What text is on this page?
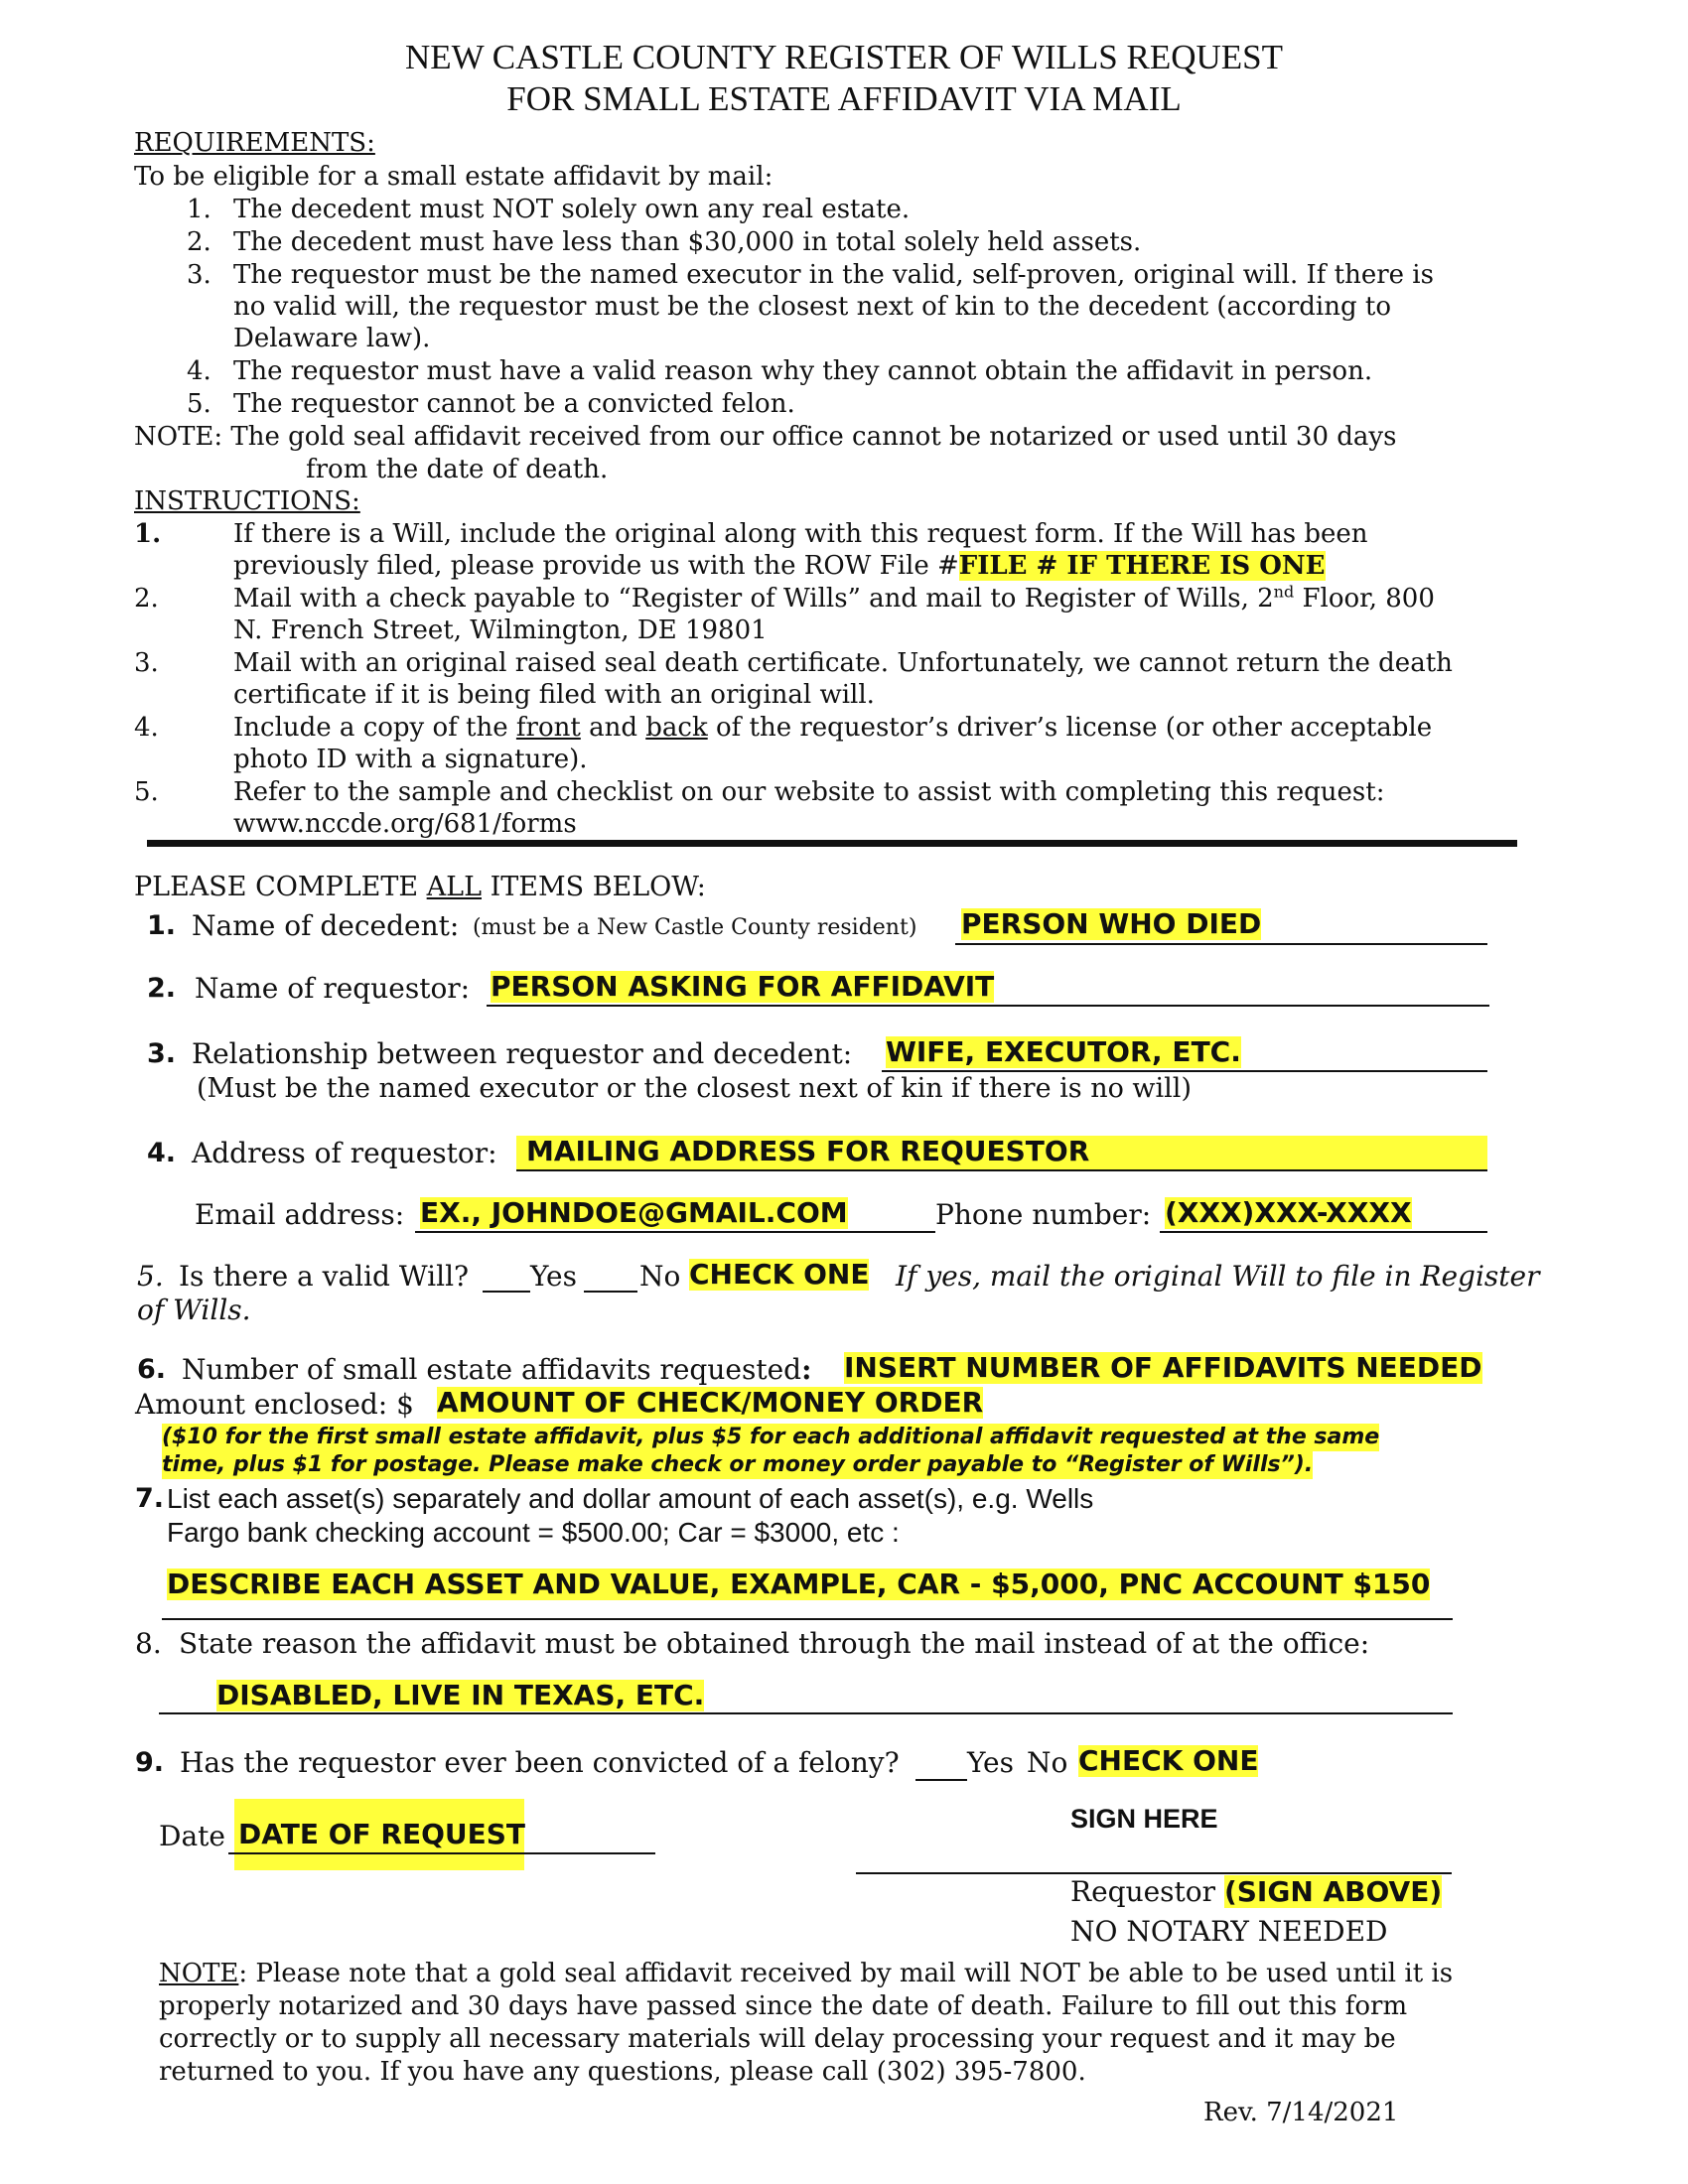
NEW CASTLE COUNTY REGISTER OF WILLS REQUEST
FOR SMALL ESTATE AFFIDAVIT VIA MAIL
REQUIREMENTS:
To be eligible for a small estate affidavit by mail:
1. The decedent must NOT solely own any real estate.
2. The decedent must have less than $30,000 in total solely held assets.
3. The requestor must be the named executor in the valid, self-proven, original will. If there is
no valid will, the requestor must be the closest next of kin to the decedent (according to
Delaware law).
4. The requestor must have a valid reason why they cannot obtain the affidavit in person.
5. The requestor cannot be a convicted felon.
NOTE: The gold seal affidavit received from our office cannot be notarized or used until 30 days
from the date of death.
INSTRUCTIONS:
1.	If there is a Will, include the original along with this request form. If the Will has been
previously filed, please provide us with the ROW File #FILE # IF THERE IS ONE
2.	Mail with a check payable to “Register of Wills” and mail to Register of Wills, 2nd Floor, 800
N. French Street, Wilmington, DE 19801
3.	Mail with an original raised seal death certificate. Unfortunately, we cannot return the death
certificate if it is being filed with an original will.
4.	Include a copy of the front and back of the requestor’s driver’s license (or other acceptable
photo ID with a signature).
5.	Refer to the sample and checklist on our website to assist with completing this request:
www.nccde.org/681/forms
PLEASE COMPLETE ALL ITEMS BELOW:
1. Name of decedent: (must be a New Castle County resident) PERSON WHO DIED
2. Name of requestor: PERSON ASKING FOR AFFIDAVIT
3. Relationship between requestor and decedent: WIFE, EXECUTOR, ETC.
(Must be the named executor or the closest next of kin if there is no will)
4. Address of requestor: MAILING ADDRESS FOR REQUESTOR
Email address: EX., JOHNDOE@GMAIL.COM	Phone number: (XXX)XXX-XXXX
5. Is there a valid Will? Yes No CHECK ONE If yes, mail the original Will to file in Register
of Wills.
6. Number of small estate affidavits requested: INSERT NUMBER OF AFFIDAVITS NEEDED
Amount enclosed: $ AMOUNT OF CHECK/MONEY ORDER
($10 for the first small estate affidavit, plus $5 for each additional affidavit requested at the same
time, plus $1 for postage. Please make check or money order payable to “Register of Wills”).
7. List each asset(s) separately and dollar amount of each asset(s), e.g. Wells
Fargo bank checking account = $500.00; Car = $3000, etc :
DESCRIBE EACH ASSET AND VALUE, EXAMPLE, CAR - $5,000, PNC ACCOUNT $150
8. State reason the affidavit must be obtained through the mail instead of at the office:
DISABLED, LIVE IN TEXAS, ETC.
9. Has the requestor ever been convicted of a felony? Yes No CHECK ONE
Date DATE OF REQUEST	SIGN HERE
Requestor (SIGN ABOVE)
NO NOTARY NEEDED
NOTE: Please note that a gold seal affidavit received by mail will NOT be able to be used until it is
properly notarized and 30 days have passed since the date of death. Failure to fill out this form
correctly or to supply all necessary materials will delay processing your request and it may be
returned to you. If you have any questions, please call (302) 395-7800.
Rev. 7/14/2021
